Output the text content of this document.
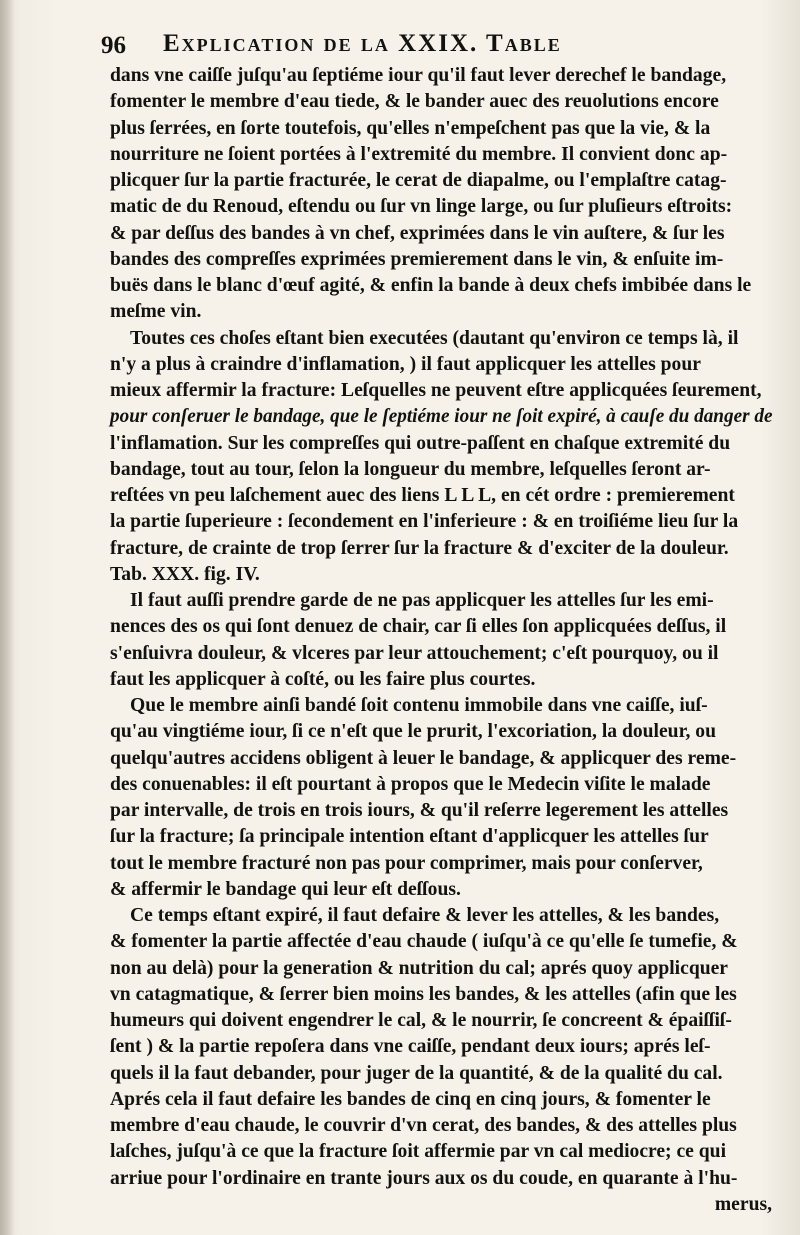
96 Explication de la XXIX. Table
dans vne caiſſe juſqu'au ſeptiéme iour qu'il faut lever derechef le bandage,
fomenter le membre d'eau tiede, & le bander auec des reuolutions encore
plus ſerrées, en ſorte toutefois, qu'elles n'empeſchent pas que la vie, & la
nourriture ne ſoient portées à l'extremité du membre. Il convient donc ap-
plicquer ſur la partie fracturée, le cerat de diapalme, ou l'emplaſtre catag-
matic de du Renoud, eſtendu ou ſur vn linge large, ou ſur pluſieurs eſtroits:
& par deſſus des bandes à vn chef, exprimées dans le vin auſtere, & ſur les
bandes des compreſſes exprimées premierement dans le vin, & enſuite im-
buës dans le blanc d'œuf agité, & enfin la bande à deux chefs imbibée dans le
meſme vin.
Toutes ces choſes eſtant bien executées (dautant qu'environ ce temps là, il
n'y a plus à craindre d'inflamation, ) il faut applicquer les attelles pour
mieux affermir la fracture: Leſquelles ne peuvent eſtre applicquées ſeurement,
pour conſeruer le bandage, que le ſeptiéme iour ne ſoit expiré, à cauſe du danger de
l'inflamation. Sur les compreſſes qui outre-paſſent en chaſque extremité du
bandage, tout au tour, ſelon la longueur du membre, leſquelles ſeront ar-
reſtées vn peu laſchement auec des liens L L L, en cét ordre : premierement
la partie ſuperieure : ſecondement en l'inferieure : & en troiſiéme lieu ſur la
fracture, de crainte de trop ſerrer ſur la fracture & d'exciter de la douleur.
Tab. XXX. fig. IV.
Il faut auſſi prendre garde de ne pas applicquer les attelles ſur les emi-
nences des os qui ſont denuez de chair, car ſi elles ſon applicquées deſſus, il
s'enſuivra douleur, & vlceres par leur attouchement; c'eſt pourquoy, ou il
faut les applicquer à coſté, ou les faire plus courtes.
Que le membre ainſi bandé ſoit contenu immobile dans vne caiſſe, iuſ-
qu'au vingtiéme iour, ſi ce n'eſt que le prurit, l'excoriation, la douleur, ou
quelqu'autres accidens obligent à leuer le bandage, & applicquer des reme-
des conuenables: il eſt pourtant à propos que le Medecin viſite le malade
par intervalle, de trois en trois iours, & qu'il reſerre legerement les attelles
ſur la fracture; ſa principale intention eſtant d'applicquer les attelles ſur
tout le membre fracturé non pas pour comprimer, mais pour conſerver,
& affermir le bandage qui leur eſt deſſous.
Ce temps eſtant expiré, il faut defaire & lever les attelles, & les bandes,
& fomenter la partie affectée d'eau chaude ( iuſqu'à ce qu'elle ſe tumefie, &
non au delà) pour la generation & nutrition du cal; aprés quoy applicquer
vn catagmatique, & ſerrer bien moins les bandes, & les attelles (afin que les
humeurs qui doivent engendrer le cal, & le nourrir, ſe concreent & épaiſſiſ-
ſent ) & la partie repoſera dans vne caiſſe, pendant deux iours; aprés leſ-
quels il la faut debander, pour juger de la quantité, & de la qualité du cal.
Aprés cela il faut defaire les bandes de cinq en cinq jours, & fomenter le
membre d'eau chaude, le couvrir d'vn cerat, des bandes, & des attelles plus
laſches, juſqu'à ce que la fracture ſoit affermie par vn cal mediocre; ce qui
arriue pour l'ordinaire en trante jours aux os du coude, en quarante à l'hu-
merus,
